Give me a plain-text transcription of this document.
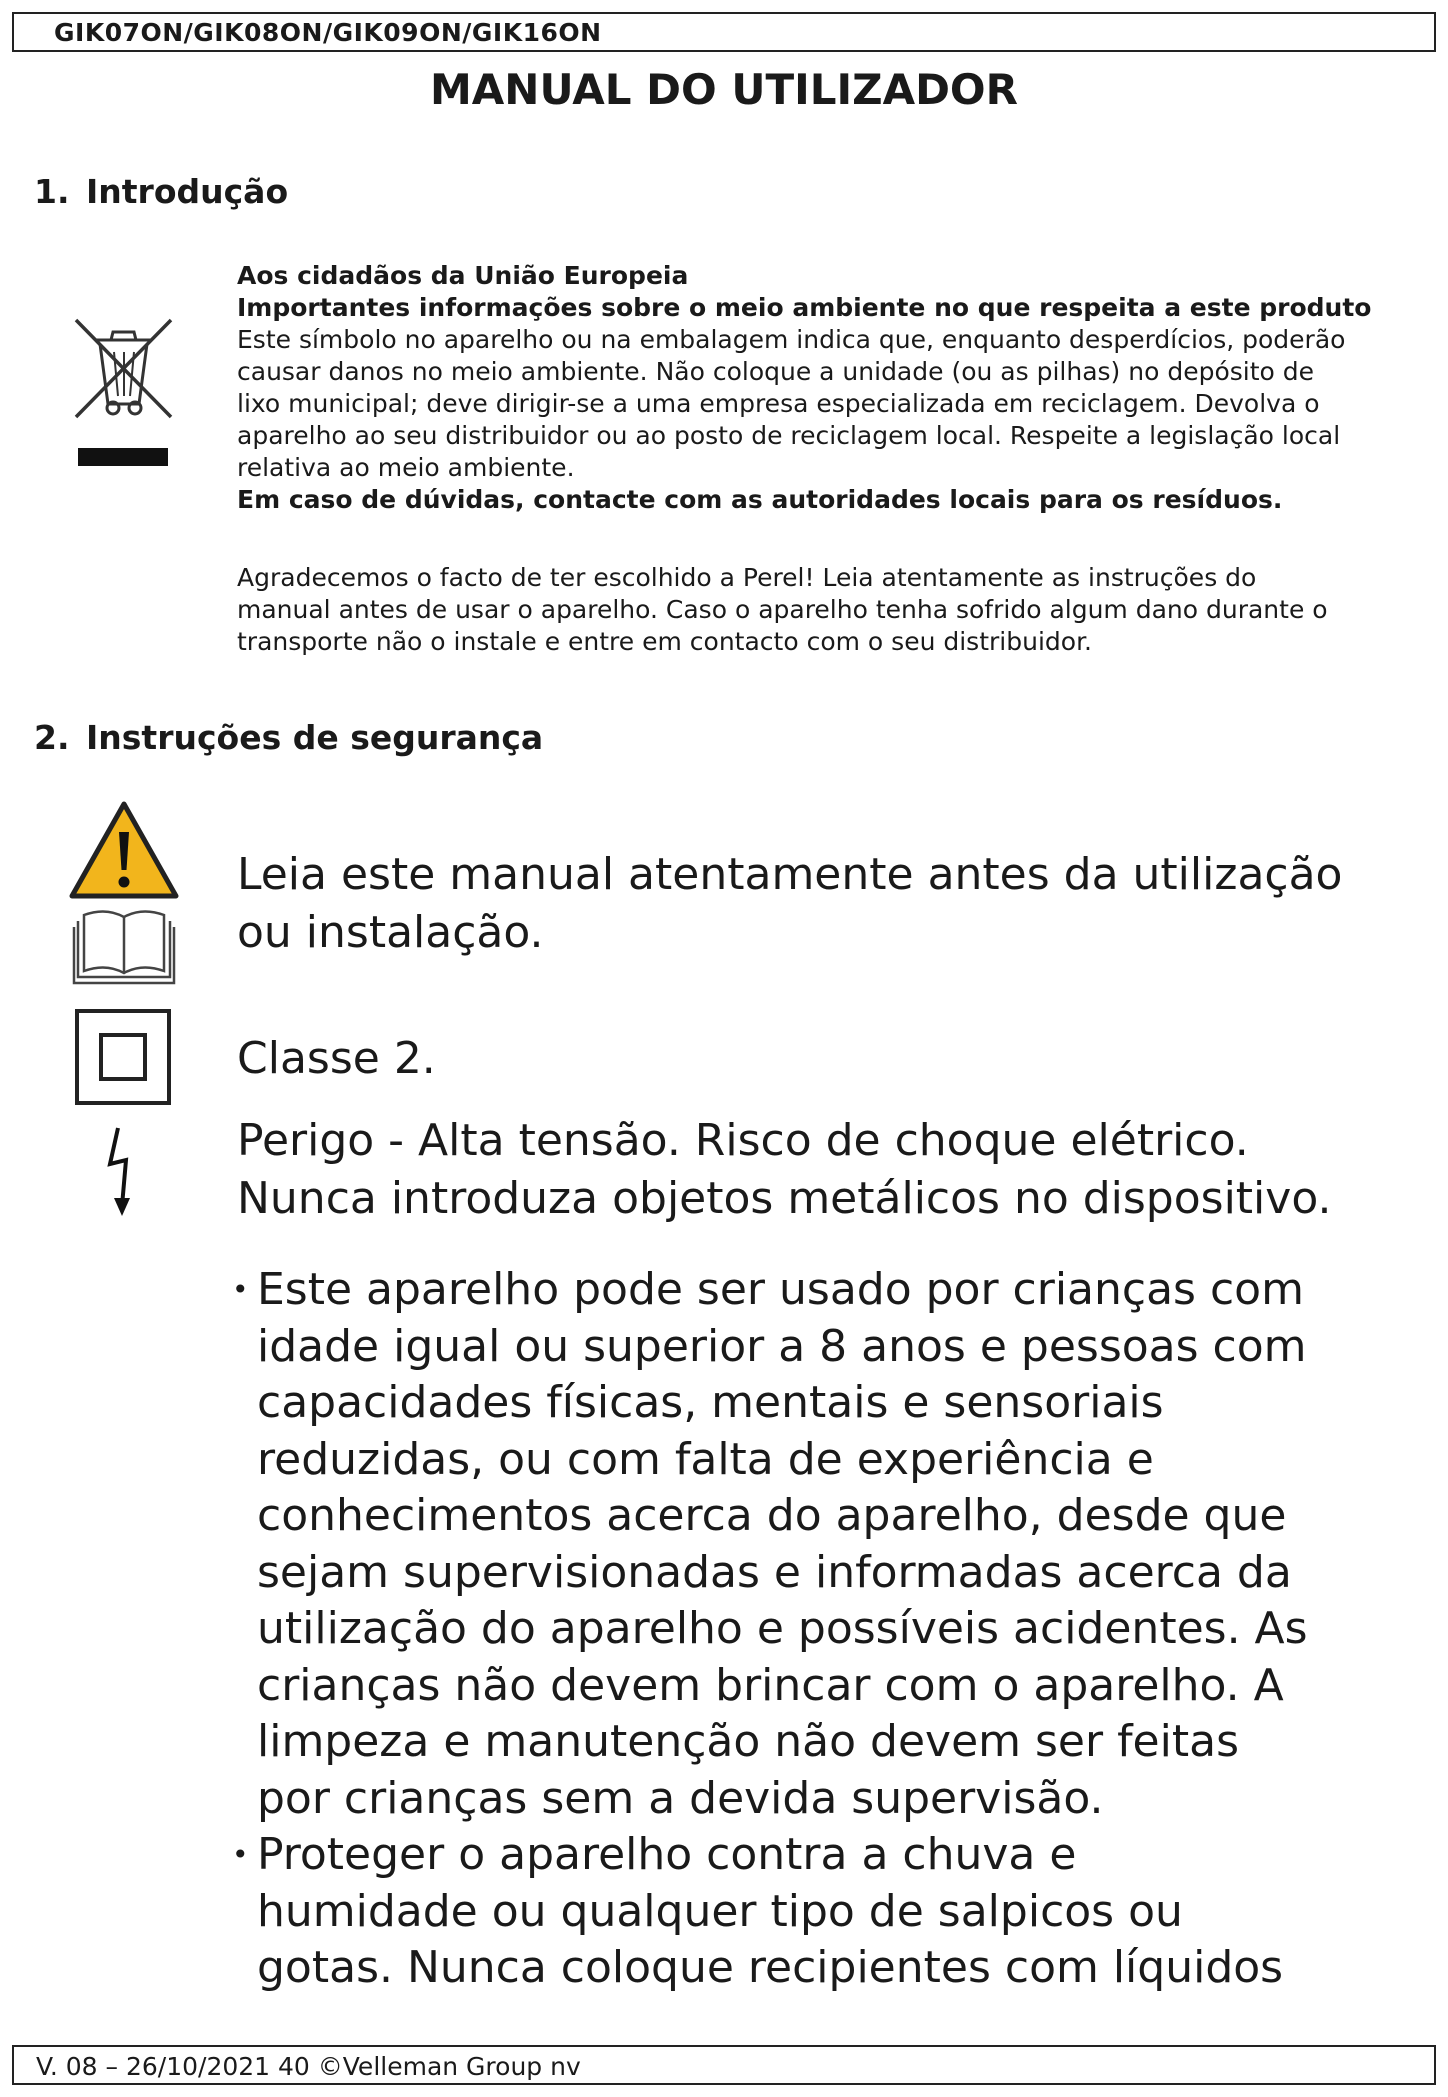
GIK07ON/GIK08ON/GIK09ON/GIK16ON
MANUAL DO UTILIZADOR
1. Introdução

Aos cidadãos da União Europeia

Importantes informações sobre o meio ambiente no que respeita a este produto

Este símbolo no aparelho ou na embalagem indica que, enquanto desperdícios, poderão

causar danos no meio ambiente. Não coloque a unidade (ou as pilhas) no depósito de

lixo municipal; deve dirigir-se a uma empresa especializada em reciclagem. Devolva o

aparelho ao seu distribuidor ou ao posto de reciclagem local. Respeite a legislação local

relativa ao meio ambiente.

Em caso de dúvidas, contacte com as autoridades locais para os resíduos.

Agradecemos o facto de ter escolhido a Perel! Leia atentamente as instruções do

manual antes de usar o aparelho. Caso o aparelho tenha sofrido algum dano durante o

transporte não o instale e entre em contacto com o seu distribuidor.

2. Instruções de segurança
Leia este manual atentamente antes da utilização
ou instalação.
Classe 2.
Perigo - Alta tensão. Risco de choque elétrico.
Nunca introduza objetos metálicos no dispositivo.
• Este aparelho pode ser usado por crianças com
idade igual ou superior a 8 anos e pessoas com
capacidades físicas, mentais e sensoriais
reduzidas, ou com falta de experiência e
conhecimentos acerca do aparelho, desde que
sejam supervisionadas e informadas acerca da
utilização do aparelho e possíveis acidentes. As
crianças não devem brincar com o aparelho. A
limpeza e manutenção não devem ser feitas
por crianças sem a devida supervisão.
• Proteger o aparelho contra a chuva e
humidade ou qualquer tipo de salpicos ou
gotas. Nunca coloque recipientes com líquidos
V. 08 – 26/10/2021 40 ©Velleman Group nv
